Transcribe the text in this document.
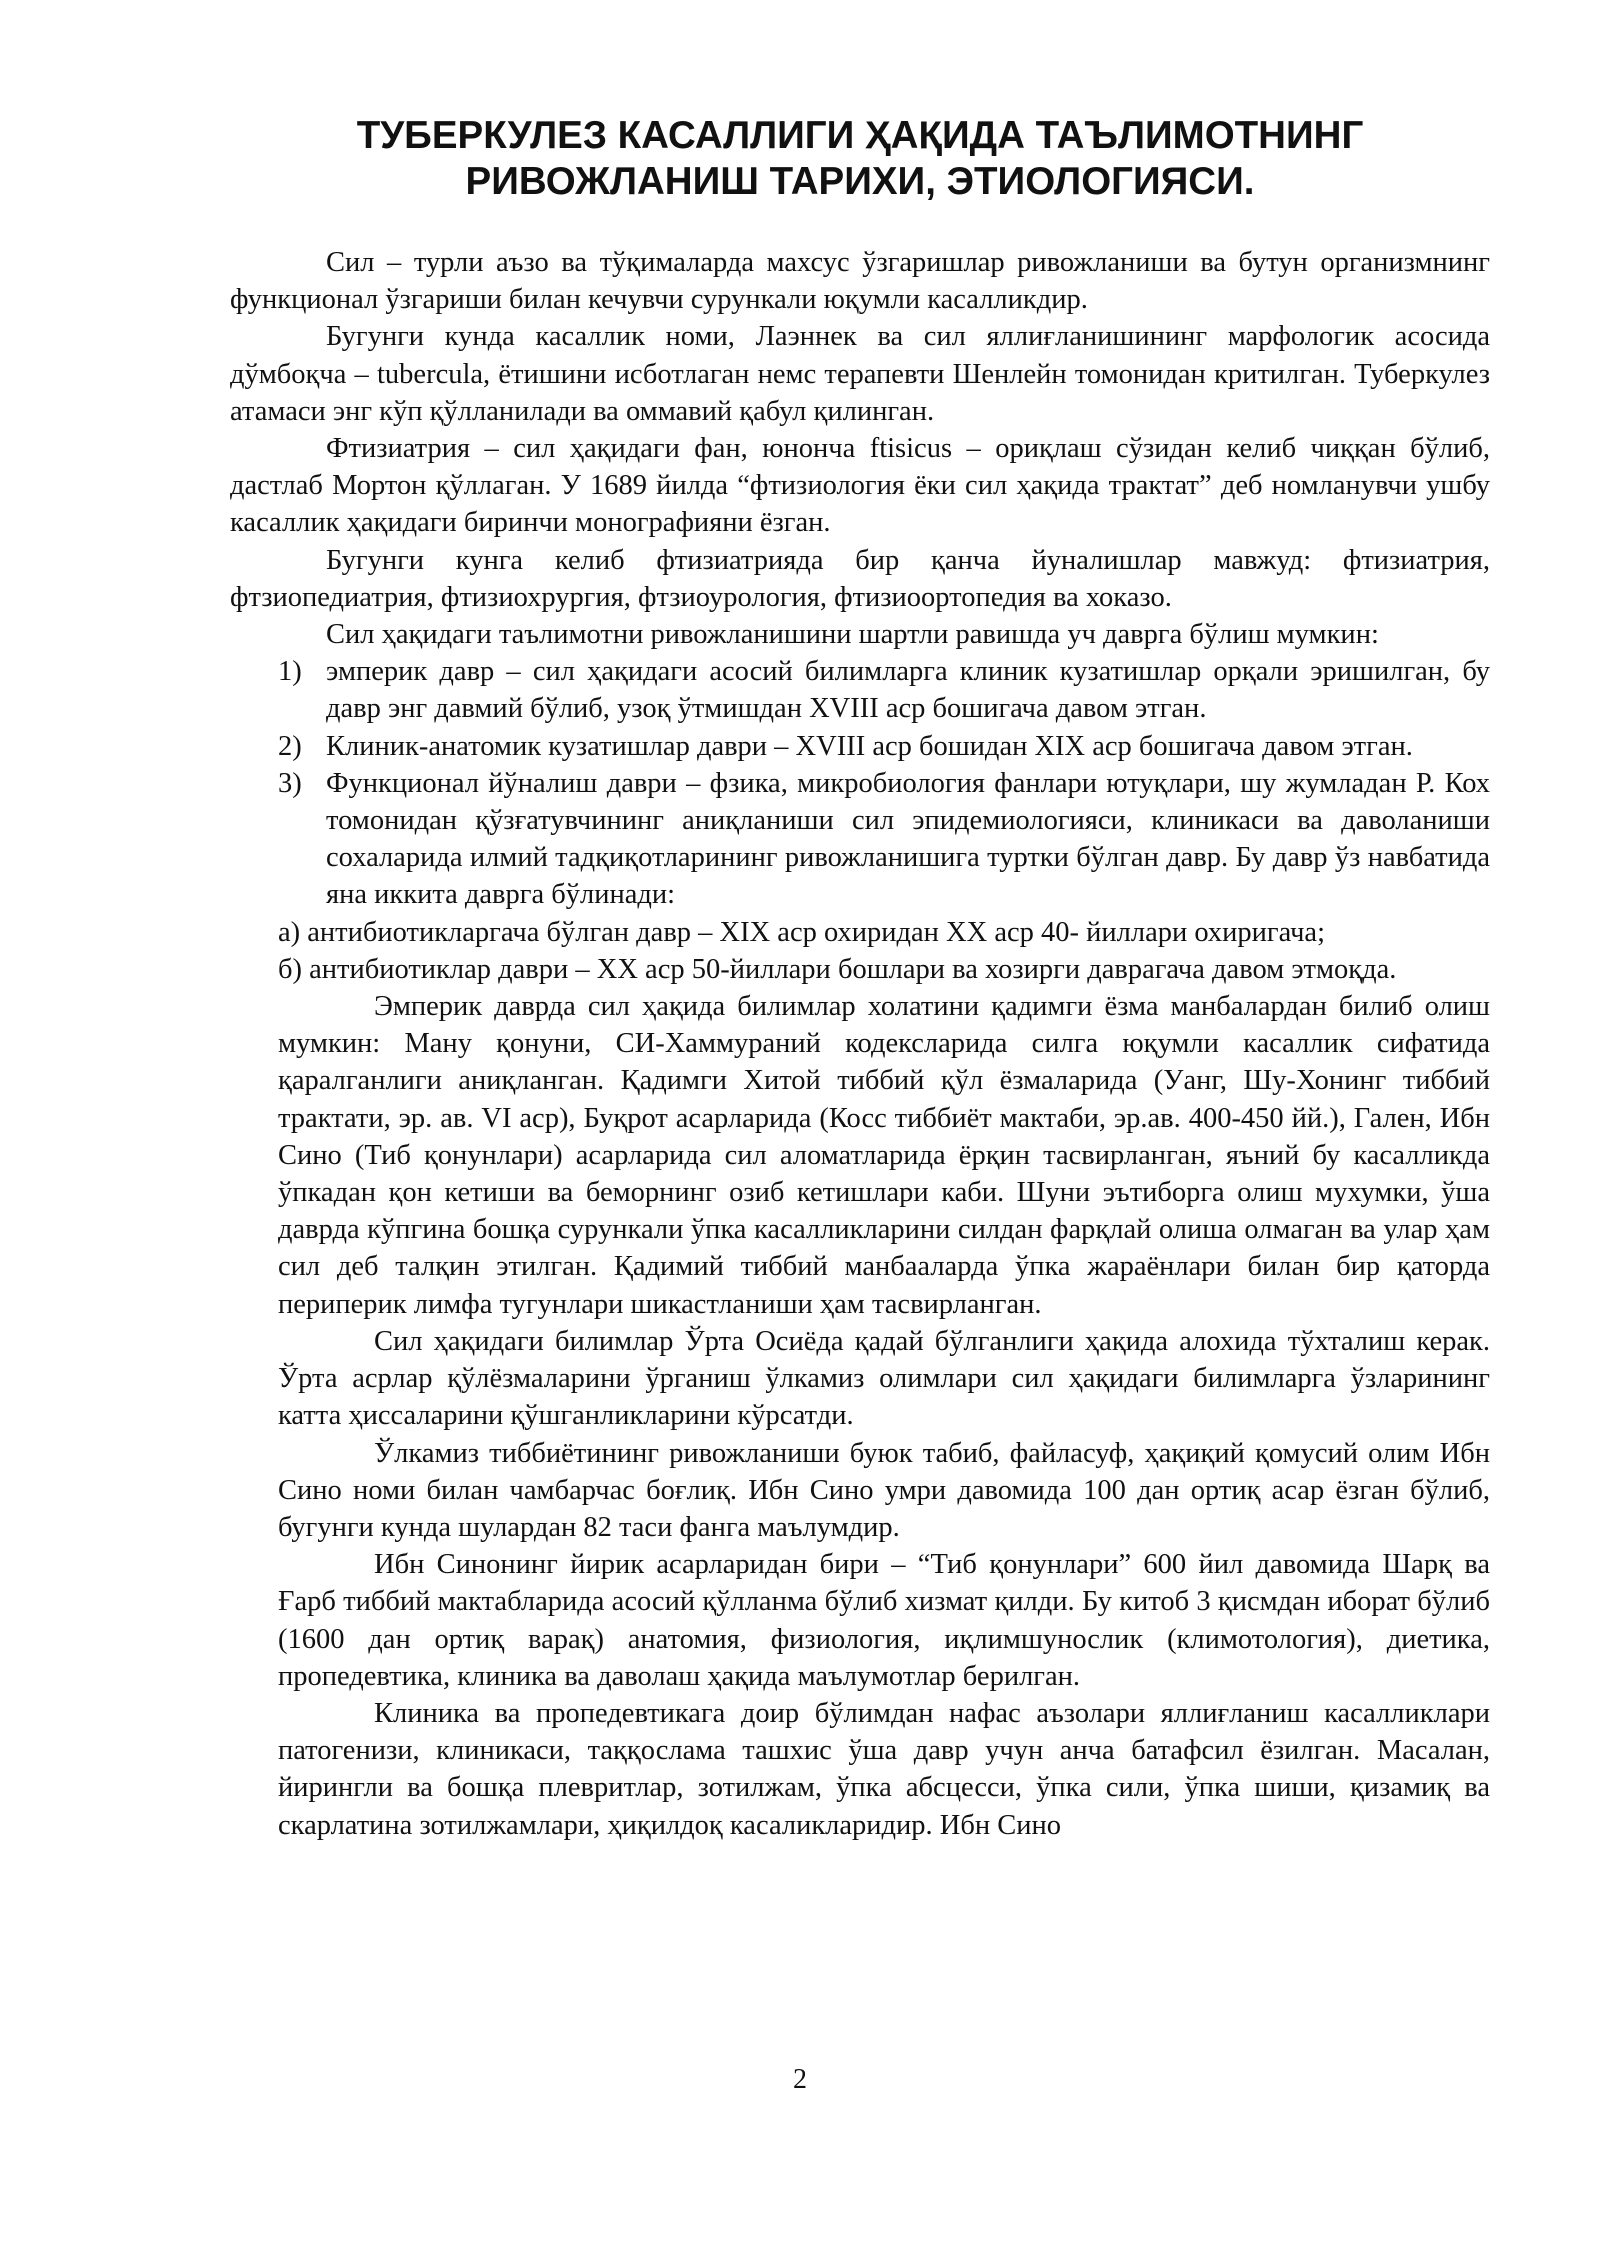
ТУБЕРКУЛЕЗ КАСАЛЛИГИ ҲАҚИДА ТАЪЛИМОТНИНГ
РИВОЖЛАНИШ ТАРИХИ, ЭТИОЛОГИЯСИ.

Сил – турли аъзо ва тўқималарда махсус ўзгаришлар ривожланиши ва бутун организмнинг функционал ўзгариши билан кечувчи сурункали юқумли касалликдир.

Бугунги кунда касаллик номи, Лаэннек ва сил яллиғланишининг марфологик асосида дўмбоқча – tubercula, ётишини исботлаган немс терапевти Шенлейн томонидан критилган. Туберкулез атамаси энг кўп қўлланилади ва оммавий қабул қилинган.

Фтизиатрия – сил ҳақидаги фан, юнонча ftisicus – ориқлаш сўзидан келиб чиққан бўлиб, дастлаб Мортон қўллаган. У 1689 йилда “фтизиология ёки сил ҳақида трактат” деб номланувчи ушбу касаллик ҳақидаги биринчи монографияни ёзган.

Бугунги кунга келиб фтизиатрияда бир қанча йуналишлар мавжуд: фтизиатрия, фтзиопедиатрия, фтизиохрургия, фтзиоурология, фтизиоортопедия ва хоказо.

Сил ҳақидаги таълимотни ривожланишини шартли равишда уч даврга бўлиш мумкин:

1) эмперик давр – сил ҳақидаги асосий билимларга клиник кузатишлар орқали эришилган, бу давр энг давмий бўлиб, узоқ ўтмишдан XVIII аср бошигача давом этган.
2) Клиник-анатомик кузатишлар даври – XVIII аср бошидан XIX аср бошигача давом этган.
3) Функционал йўналиш даври – фзика, микробиология фанлари ютуқлари, шу жумладан Р. Кох томонидан қўзғатувчининг аниқланиши сил эпидемиологияси, клиникаси ва даволаниши сохаларида илмий тадқиқотларининг ривожланишига туртки бўлган давр. Бу давр ўз навбатида яна иккита даврга бўлинади:

а) антибиотикларгача бўлган давр – XIX аср охиридан XX аср 40- йиллари охиригача;

б) антибиотиклар даври – XX аср 50-йиллари бошлари ва хозирги даврагача давом этмоқда.

Эмперик даврда сил ҳақида билимлар холатини қадимги ёзма манбалардан билиб олиш мумкин: Ману қонуни, СИ-Хаммураний кодексларида силга юқумли касаллик сифатида қаралганлиги аниқланган. Қадимги Хитой тиббий қўл ёзмаларида (Уанг, Шу-Хонинг тиббий трактати, эр. ав. VI аср), Буқрот асарларида (Косс тиббиёт мактаби, эр.ав. 400-450 йй.), Гален, Ибн Сино (Тиб қонунлари) асарларида сил аломатларида ёрқин тасвирланган, яъний бу касалликда ўпкадан қон кетиши ва беморнинг озиб кетишлари каби. Шуни эътиборга олиш мухумки, ўша даврда кўпгина бошқа сурункали ўпка касалликларини силдан фарқлай олиша олмаган ва улар ҳам сил деб талқин этилган. Қадимий тиббий манбааларда ўпка жараёнлари билан бир қаторда периперик лимфа тугунлари шикастланиши ҳам тасвирланган.

Сил ҳақидаги билимлар Ўрта Осиёда қадай бўлганлиги ҳақида алохида тўхталиш керак. Ўрта асрлар қўлёзмаларини ўрганиш ўлкамиз олимлари сил ҳақидаги билимларга ўзларининг катта ҳиссаларини қўшганликларини кўрсатди.

Ўлкамиз тиббиётининг ривожланиши буюк табиб, файласуф, ҳақиқий қомусий олим Ибн Сино номи билан чамбарчас боғлиқ. Ибн Сино умри давомида 100 дан ортиқ асар ёзган бўлиб, бугунги кунда шулардан 82 таси фанга маълумдир.

Ибн Синонинг йирик асарларидан бири – “Тиб қонунлари” 600 йил давомида Шарқ ва Ғарб тиббий мактабларида асосий қўлланма бўлиб хизмат қилди. Бу китоб 3 қисмдан иборат бўлиб (1600 дан ортиқ варақ) анатомия, физиология, иқлимшунослик (климотология), диетика, пропедевтика, клиника ва даволаш ҳақида маълумотлар берилган.

Клиника ва пропедевтикага доир бўлимдан нафас аъзолари яллиғланиш касалликлари патогенизи, клиникаси, таққослама ташхис ўша давр учун анча батафсил ёзилган. Масалан, йирингли ва бошқа плевритлар, зотилжам, ўпка абсцесси, ўпка сили, ўпка шиши, қизамиқ ва скарлатина зотилжамлари, ҳиқилдоқ касаликларидир. Ибн Сино

2
